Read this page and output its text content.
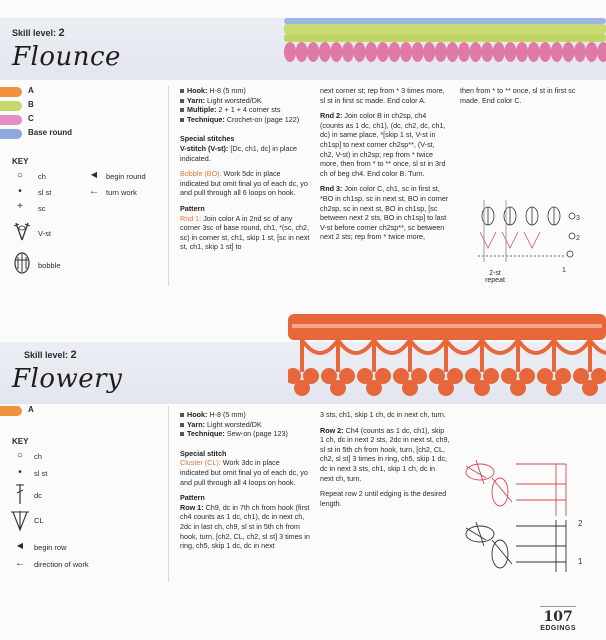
Skill level: 2
Flounce
A
B
C
Base round
KEY
○	ch
•	sl st
+	sc
V-st
bobble
◀	begin round
← turn work
Hook: H-8 (5 mm)
Yarn: Light worsted/DK
Multiple: 2 + 1 + 4 corner sts
Technique: Crochet-on (page 122)

Special stitches
V-stitch (V-st): [Dc, ch1, dc] in place indicated.

Bobble (BO): Work 5dc in place indicated but omit final yo of each dc, yo and pull through all 6 loops on hook.

Pattern
Rnd 1: Join color A in 2nd sc of any corner 3sc of base round, ch1, *(sc, ch2, sc) in corner st, ch1, skip 1 st, [sc in next st, ch1, skip 1 st] to

next corner st; rep from * 3 times more, sl st in first sc made. End color A.

Rnd 2: Join color B in ch2sp, ch4 (counts as 1 dc, ch1), (dc, ch2, dc, ch1, dc) in same place, *[skip 1 st, V-st in ch1sp] to next corner ch2sp**, (V-st, ch2, V-st) in ch2sp; rep from * twice more, then from * to ** once, sl st in 3rd ch of beg ch4. End color B. Turn.

Rnd 3: Join color C, ch1, sc in first st, *BO in ch1sp, sc in next st, BO in corner ch2sp, sc in next st, BO in ch1sp, [sc between next 2 sts, BO in ch1sp] to last V-st before corner ch2sp**, sc between next 2 sts; rep from * twice more,

then from * to ** once, sl st in first sc made. End color C.

3
2
1
2-st repeat
Skill level: 2
Flowery
A
KEY
○	ch
•	sl st
dc
CL
◀	begin row
←	direction of work
Hook: H-8 (5 mm)
Yarn: Light worsted/DK
Technique: Sew-on (page 123)

Special stitch
Cluster (CL): Work 3dc in place indicated but omit final yo of each dc, yo and pull through all 4 loops on hook.

Pattern
Row 1: Ch9, dc in 7th ch from hook (first ch4 counts as 1 dc, ch1), dc in next ch, 2dc in last ch, ch9, sl st in 5th ch from hook, turn, [ch2, CL, ch2, sl st] 3 times in ring, ch5, skip 1 dc, dc in next

3 sts, ch1, skip 1 ch, dc in next ch, turn.

Row 2: Ch4 (counts as 1 dc, ch1), skip 1 ch, dc in next 2 sts, 2dc in next st, ch9, sl st in 5th ch from hook, turn, [ch2, CL, ch2, sl st] 3 times in ring, ch5, skip 1 dc, dc in next 3 sts, ch1, skip 1 ch, dc in next ch, turn.

Repeat row 2 until edging is the desired length.

2
1
107
EDGINGS
